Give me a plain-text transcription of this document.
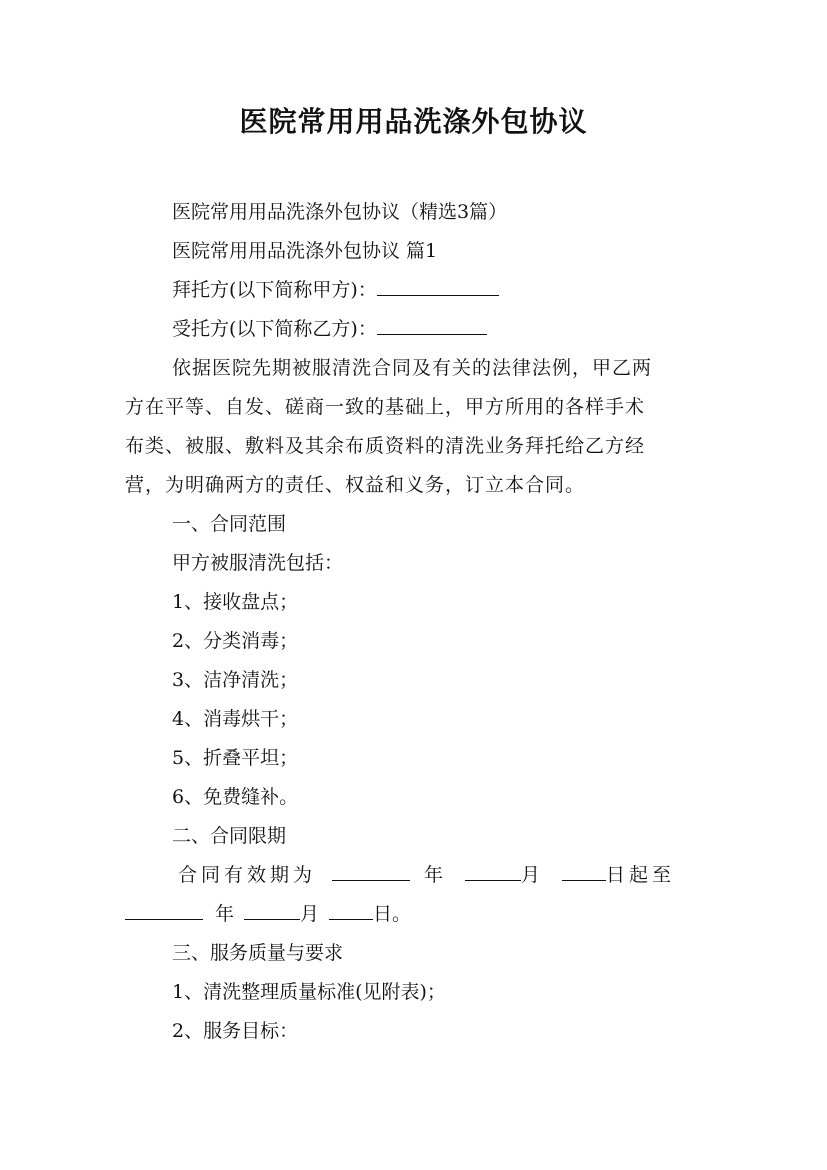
医院常用用品洗涤外包协议
医院常用用品洗涤外包协议（精选3篇）
医院常用用品洗涤外包协议 篇1
拜托方(以下简称甲方)：
受托方(以下简称乙方)：
依据医院先期被服清洗合同及有关的法律法例，甲乙两
方在平等、自发、磋商一致的基础上，甲方所用的各样手术
布类、被服、敷料及其余布质资料的清洗业务拜托给乙方经
营，为明确两方的责任、权益和义务，订立本合同。
一、合同范围
甲方被服清洗包括：
1、接收盘点；
2、分类消毒；
3、洁净清洗；
4、消毒烘干；
5、折叠平坦；
6、免费缝补。
二、合同限期
合同有效期为	年	月	日起至
年	月	日。
三、服务质量与要求
1、清洗整理质量标准(见附表)；
2、服务目标：
